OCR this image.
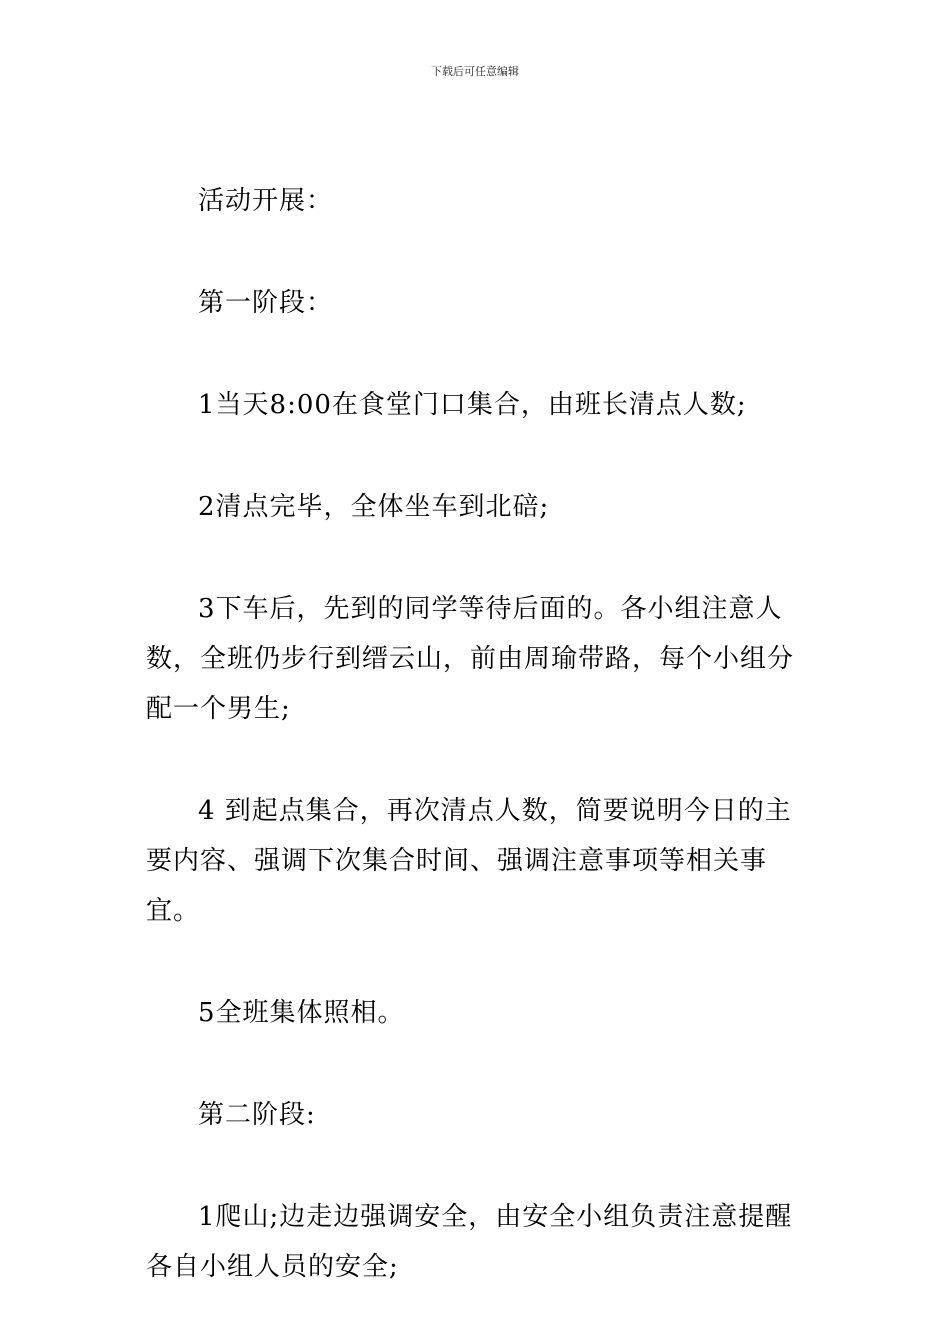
下载后可任意编辑

活动开展：

第一阶段：

1当天8:00在食堂门口集合，由班长清点人数;

2清点完毕，全体坐车到北碚;

3下车后，先到的同学等待后面的。各小组注意人数，全班仍步行到缙云山，前由周瑜带路，每个小组分配一个男生;

4 到起点集合，再次清点人数，简要说明今日的主要内容、强调下次集合时间、强调注意事项等相关事宜。

5全班集体照相。

第二阶段:

1爬山;边走边强调安全，由安全小组负责注意提醒各自小组人员的安全;
